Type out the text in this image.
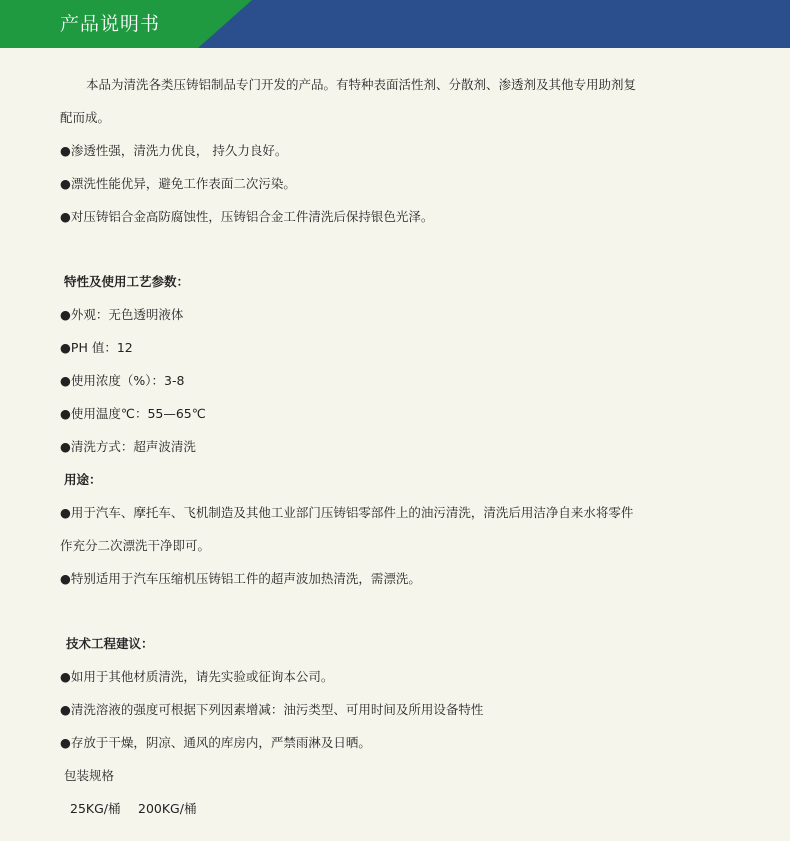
产品说明书
本品为清洗各类压铸铝制品专门开发的产品。有特种表面活性剂、分散剂、渗透剂及其他专用助剂复
配而成。
●渗透性强，清洗力优良， 持久力良好。
●漂洗性能优异，避免工作表面二次污染。
●对压铸铝合金高防腐蚀性，压铸铝合金工件清洗后保持银色光泽。
特性及使用工艺参数：
●外观：无色透明液体
●PH 值：12
●使用浓度（%）：3-8
●使用温度℃：55—65℃
●清洗方式：超声波清洗
用途：
●用于汽车、摩托车、飞机制造及其他工业部门压铸铝零部件上的油污清洗，清洗后用洁净自来水将零件
作充分二次漂洗干净即可。
●特别适用于汽车压缩机压铸铝工件的超声波加热清洗，需漂洗。
技术工程建议：
●如用于其他材质清洗，请先实验或征询本公司。
●清洗溶液的强度可根据下列因素增减：油污类型、可用时间及所用设备特性
●存放于干燥，阴凉、通风的库房内，严禁雨淋及日晒。
包装规格
25KG/桶 200KG/桶
